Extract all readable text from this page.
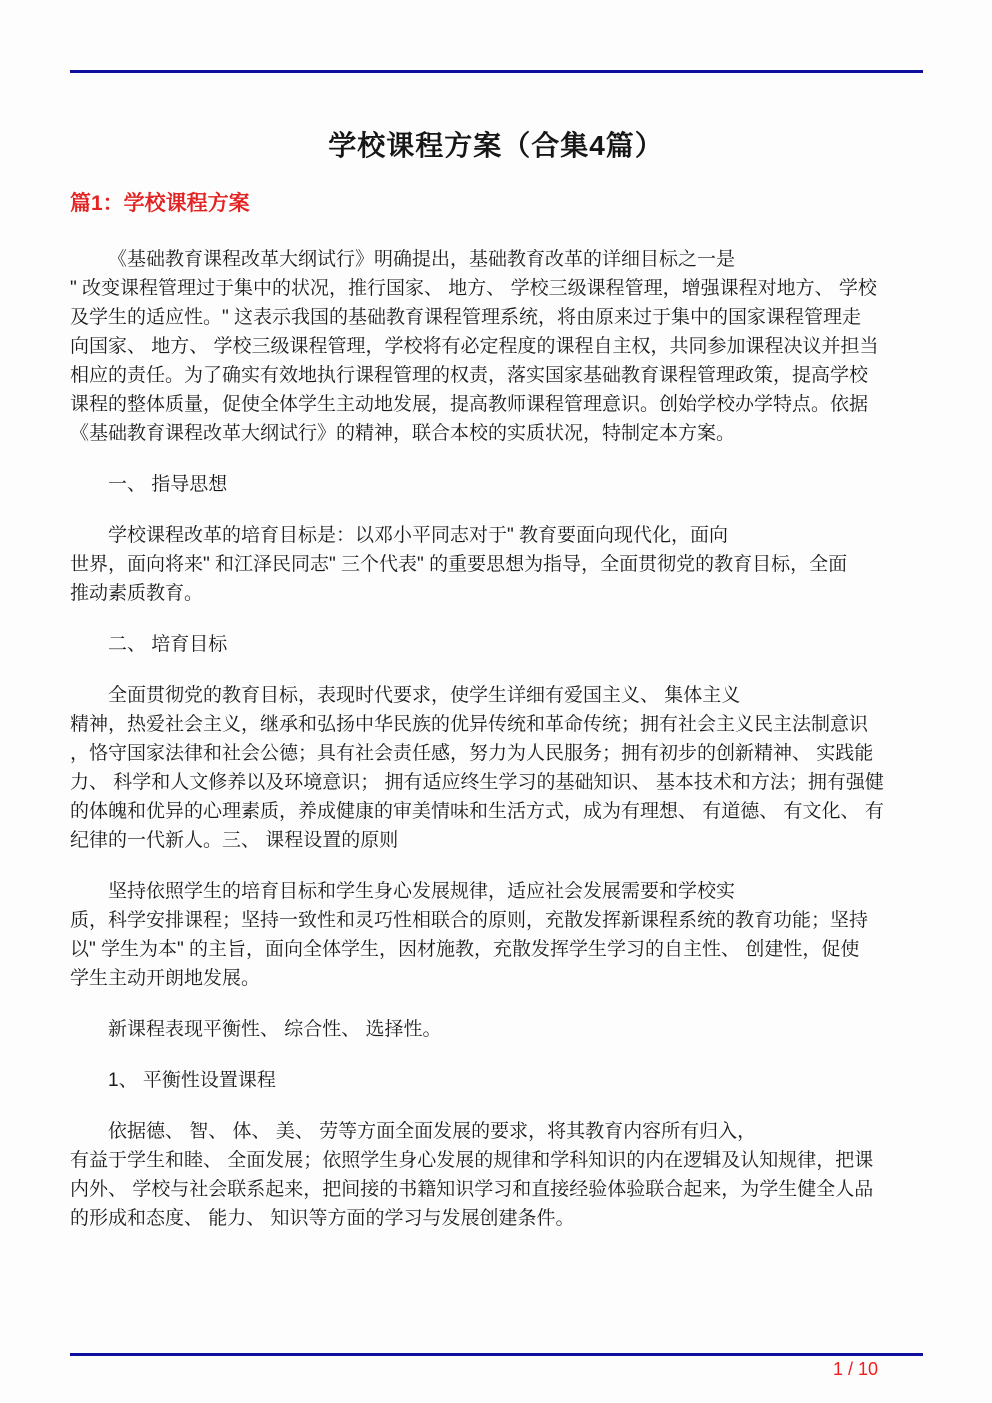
学校课程方案（合集4篇）
篇1：学校课程方案
《基础教育课程改革大纲试行》明确提出，基础教育改革的详细目标之一是
" 改变课程管理过于集中的状况，推行国家、 地方、 学校三级课程管理，增强课程对地方、 学校
及学生的适应性。" 这表示我国的基础教育课程管理系统，将由原来过于集中的国家课程管理走
向国家、 地方、 学校三级课程管理，学校将有必定程度的课程自主权，共同参加课程决议并担当
相应的责任。为了确实有效地执行课程管理的权责，落实国家基础教育课程管理政策，提高学校
课程的整体质量，促使全体学生主动地发展，提高教师课程管理意识。创始学校办学特点。依据
《基础教育课程改革大纲试行》的精神，联合本校的实质状况，特制定本方案。
一、 指导思想
学校课程改革的培育目标是：以邓小平同志对于" 教育要面向现代化，面向
世界，面向将来" 和江泽民同志" 三个代表" 的重要思想为指导，全面贯彻党的教育目标，全面
推动素质教育。
二、 培育目标
全面贯彻党的教育目标，表现时代要求，使学生详细有爱国主义、 集体主义
精神，热爱社会主义，继承和弘扬中华民族的优异传统和革命传统；拥有社会主义民主法制意识
，恪守国家法律和社会公德；具有社会责任感，努力为人民服务；拥有初步的创新精神、 实践能
力、 科学和人文修养以及环境意识； 拥有适应终生学习的基础知识、 基本技术和方法；拥有强健
的体魄和优异的心理素质，养成健康的审美情味和生活方式，成为有理想、 有道德、 有文化、 有
纪律的一代新人。三、 课程设置的原则
坚持依照学生的培育目标和学生身心发展规律，适应社会发展需要和学校实
质，科学安排课程；坚持一致性和灵巧性相联合的原则，充散发挥新课程系统的教育功能；坚持
以" 学生为本" 的主旨，面向全体学生，因材施教，充散发挥学生学习的自主性、 创建性，促使
学生主动开朗地发展。
新课程表现平衡性、 综合性、 选择性。
1、 平衡性设置课程
依据德、 智、 体、 美、 劳等方面全面发展的要求，将其教育内容所有归入，
有益于学生和睦、 全面发展；依照学生身心发展的规律和学科知识的内在逻辑及认知规律，把课
内外、 学校与社会联系起来，把间接的书籍知识学习和直接经验体验联合起来，为学生健全人品
的形成和态度、 能力、 知识等方面的学习与发展创建条件。
1 / 10
